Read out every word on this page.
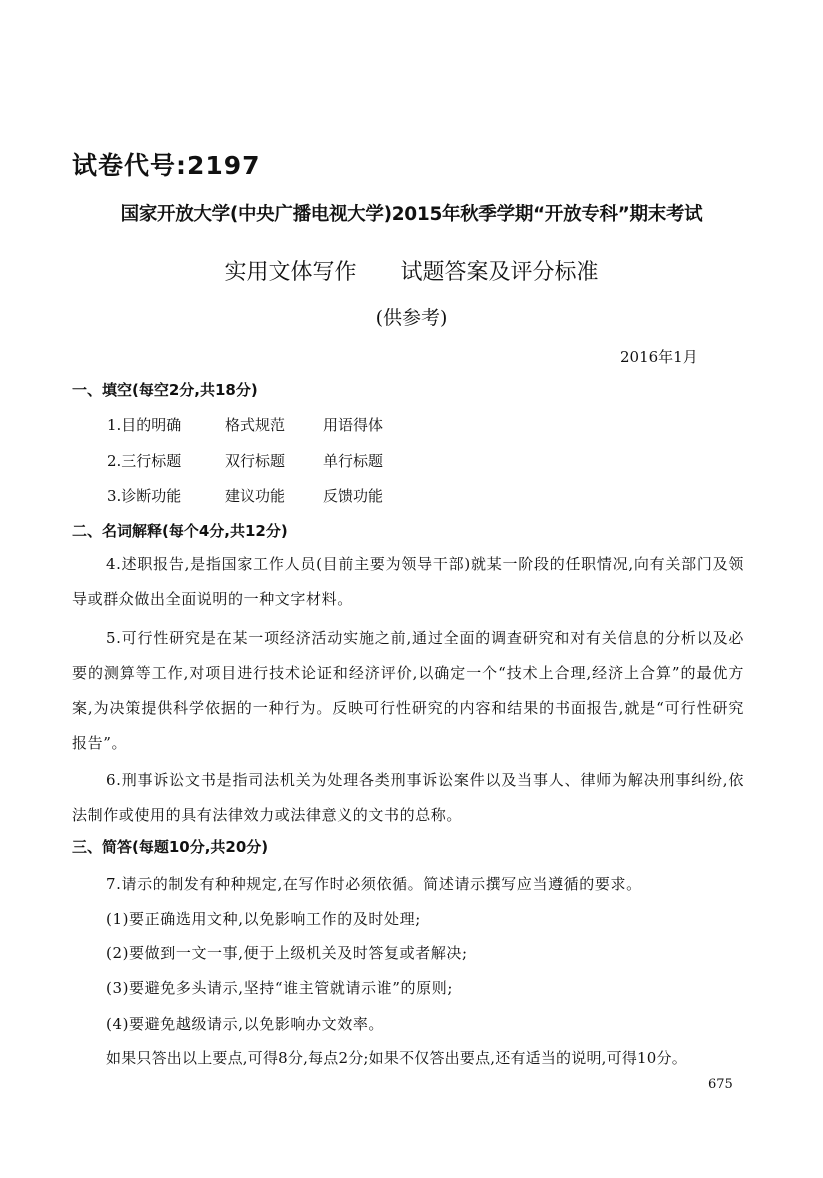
试卷代号:2197
国家开放大学(中央广播电视大学)2015年秋季学期“开放专科”期末考试
实用文体写作　　试题答案及评分标准
(供参考)
2016年1月
一、填空(每空2分,共18分)
1.目的明确	格式规范	用语得体
2.三行标题	双行标题	单行标题
3.诊断功能	建议功能	反馈功能
二、名词解释(每个4分,共12分)
4.述职报告,是指国家工作人员(目前主要为领导干部)就某一阶段的任职情况,向有关部门及领导或群众做出全面说明的一种文字材料。
5.可行性研究是在某一项经济活动实施之前,通过全面的调查研究和对有关信息的分析以及必要的测算等工作,对项目进行技术论证和经济评价,以确定一个“技术上合理,经济上合算”的最优方案,为决策提供科学依据的一种行为。反映可行性研究的内容和结果的书面报告,就是“可行性研究报告”。
6.刑事诉讼文书是指司法机关为处理各类刑事诉讼案件以及当事人、律师为解决刑事纠纷,依法制作或使用的具有法律效力或法律意义的文书的总称。
三、简答(每题10分,共20分)
7.请示的制发有种种规定,在写作时必须依循。简述请示撰写应当遵循的要求。
(1)要正确选用文种,以免影响工作的及时处理;
(2)要做到一文一事,便于上级机关及时答复或者解决;
(3)要避免多头请示,坚持“谁主管就请示谁”的原则;
(4)要避免越级请示,以免影响办文效率。
如果只答出以上要点,可得8分,每点2分;如果不仅答出要点,还有适当的说明,可得10分。
675
